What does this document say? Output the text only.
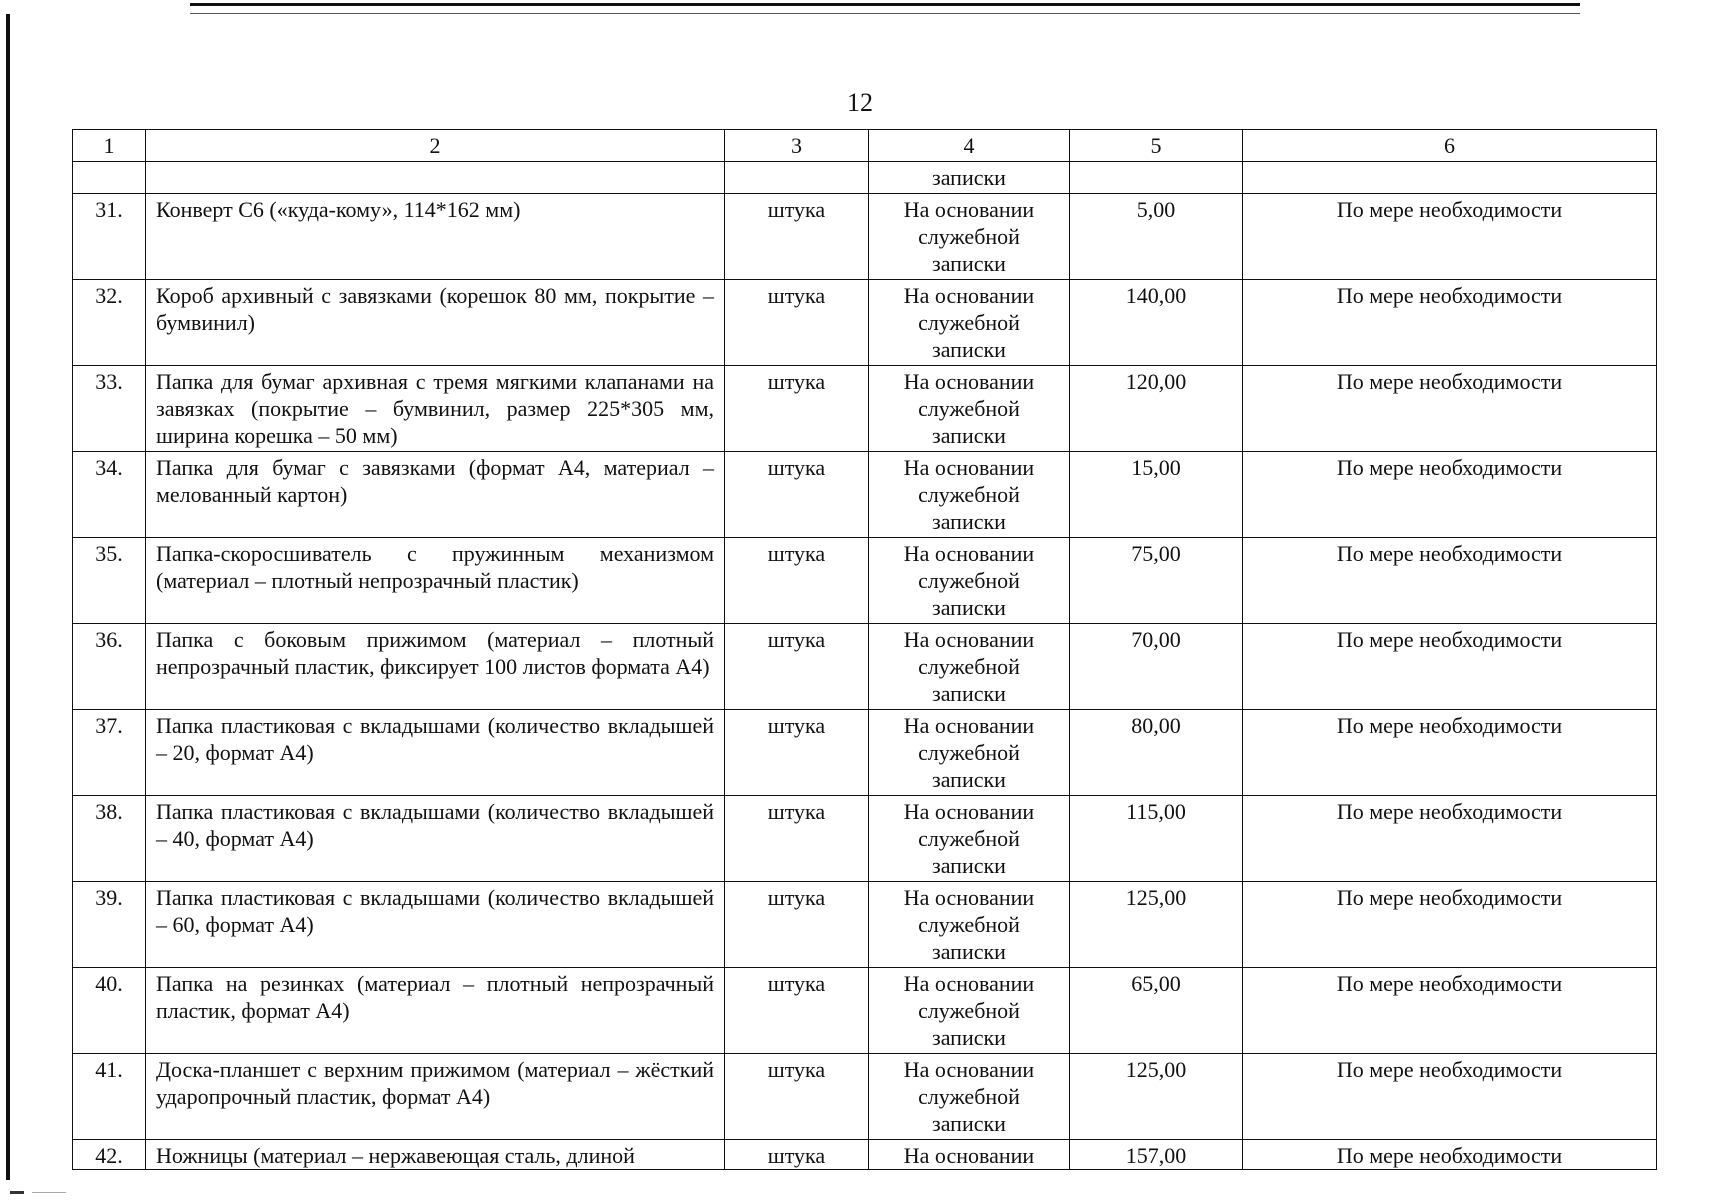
12
1	2	3	4	5	6
			записки		
31.	Конверт С6 («куда-кому», 114*162 мм)	штука	На основании служебной записки	5,00	По мере необходимости
32.	Короб архивный с завязками (корешок 80 мм, покрытие – бумвинил)	штука	На основании служебной записки	140,00	По мере необходимости
33.	Папка для бумаг архивная с тремя мягкими клапанами на завязках (покрытие – бумвинил, размер 225*305 мм, ширина корешка – 50 мм)	штука	На основании служебной записки	120,00	По мере необходимости
34.	Папка для бумаг с завязками (формат А4, материал – мелованный картон)	штука	На основании служебной записки	15,00	По мере необходимости
35.	Папка-скоросшиватель с пружинным механизмом (материал – плотный непрозрачный пластик)	штука	На основании служебной записки	75,00	По мере необходимости
36.	Папка с боковым прижимом (материал – плотный непрозрачный пластик, фиксирует 100 листов формата А4)	штука	На основании служебной записки	70,00	По мере необходимости
37.	Папка пластиковая с вкладышами (количество вкладышей – 20, формат А4)	штука	На основании служебной записки	80,00	По мере необходимости
38.	Папка пластиковая с вкладышами (количество вкладышей – 40, формат А4)	штука	На основании служебной записки	115,00	По мере необходимости
39.	Папка пластиковая с вкладышами (количество вкладышей – 60, формат А4)	штука	На основании служебной записки	125,00	По мере необходимости
40.	Папка на резинках (материал – плотный непрозрачный пластик, формат А4)	штука	На основании служебной записки	65,00	По мере необходимости
41.	Доска-планшет с верхним прижимом (материал – жёсткий ударопрочный пластик, формат А4)	штука	На основании служебной записки	125,00	По мере необходимости
42.	Ножницы (материал – нержавеющая сталь, длиной	штука	На основании	157,00	По мере необходимости
